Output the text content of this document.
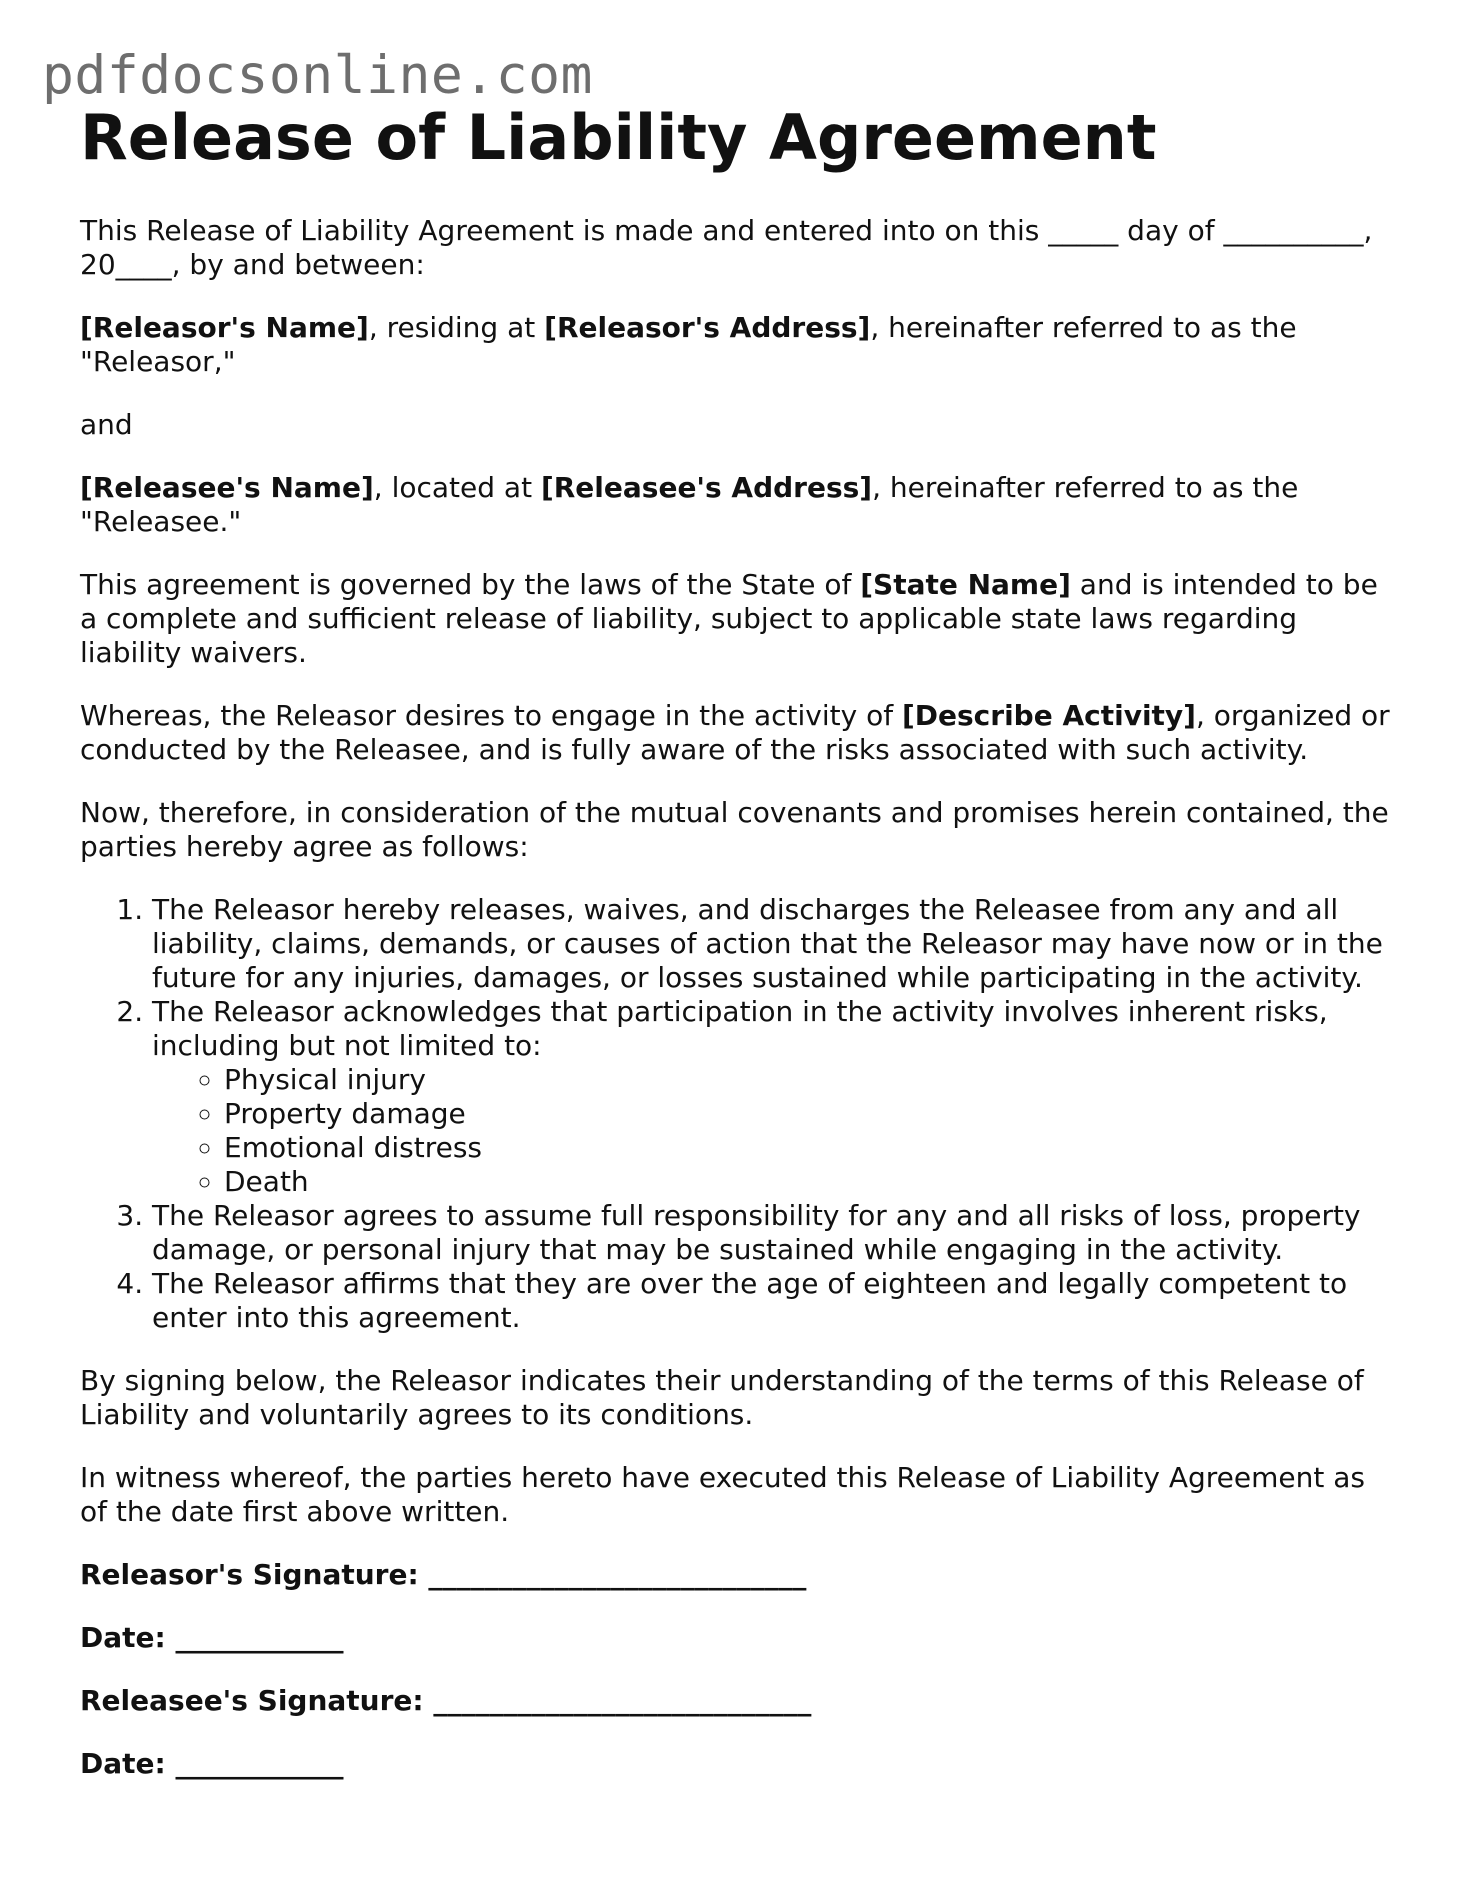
pdfdocsonline.com
Release of Liability Agreement

This Release of Liability Agreement is made and entered into on this _____ day of __________, 20____, by and between:

[Releasor's Name], residing at [Releasor's Address], hereinafter referred to as the "Releasor,"

and

[Releasee's Name], located at [Releasee's Address], hereinafter referred to as the "Releasee."

This agreement is governed by the laws of the State of [State Name] and is intended to be a complete and sufficient release of liability, subject to applicable state laws regarding liability waivers.

Whereas, the Releasor desires to engage in the activity of [Describe Activity], organized or conducted by the Releasee, and is fully aware of the risks associated with such activity.

Now, therefore, in consideration of the mutual covenants and promises herein contained, the parties hereby agree as follows:

1. The Releasor hereby releases, waives, and discharges the Releasee from any and all liability, claims, demands, or causes of action that the Releasor may have now or in the future for any injuries, damages, or losses sustained while participating in the activity.
2. The Releasor acknowledges that participation in the activity involves inherent risks, including but not limited to:
◦ Physical injury
◦ Property damage
◦ Emotional distress
◦ Death
3. The Releasor agrees to assume full responsibility for any and all risks of loss, property damage, or personal injury that may be sustained while engaging in the activity.
4. The Releasor affirms that they are over the age of eighteen and legally competent to enter into this agreement.

By signing below, the Releasor indicates their understanding of the terms of this Release of Liability and voluntarily agrees to its conditions.

In witness whereof, the parties hereto have executed this Release of Liability Agreement as of the date first above written.

Releasor's Signature: ___________________________

Date: ____________

Releasee's Signature: ___________________________

Date: ____________
